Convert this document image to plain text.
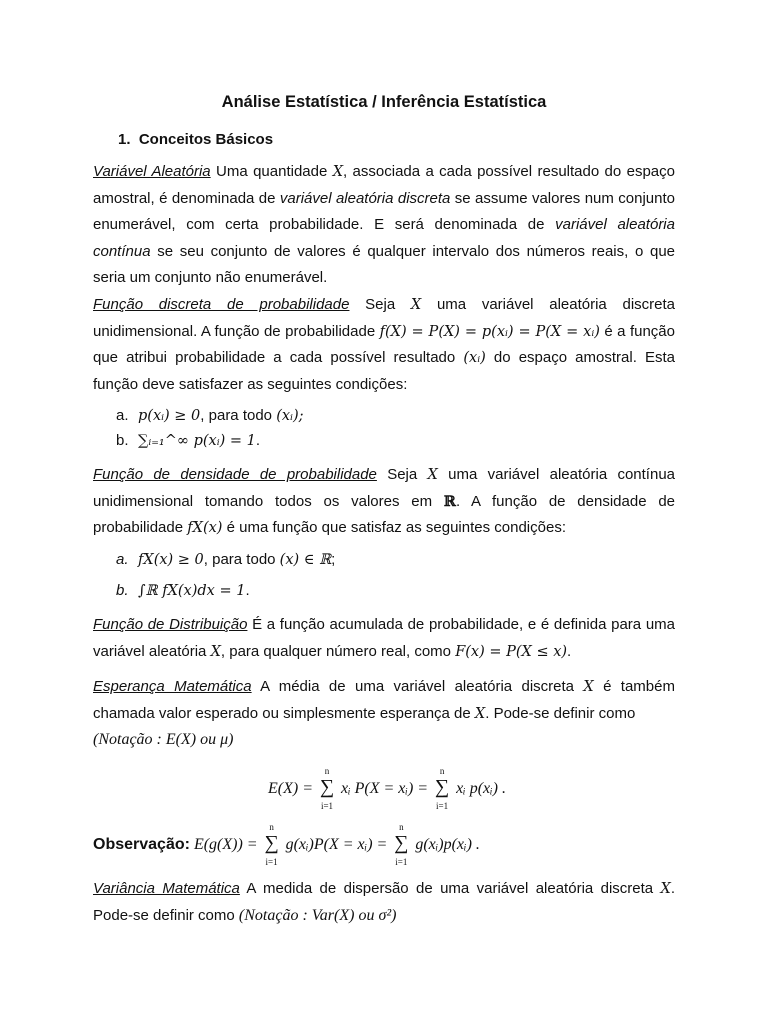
Análise Estatística / Inferência Estatística
1.  Conceitos Básicos
Variável Aleatória Uma quantidade X, associada a cada possível resultado do espaço amostral, é denominada de variável aleatória discreta se assume valores num conjunto enumerável, com certa probabilidade. E será denominada de variável aleatória contínua se seu conjunto de valores é qualquer intervalo dos números reais, o que seria um conjunto não enumerável.
Função discreta de probabilidade Seja X uma variável aleatória discreta unidimensional. A função de probabilidade f(X) = P(X) = p(xᵢ) = P(X = xᵢ) é a função que atribui probabilidade a cada possível resultado (xᵢ) do espaço amostral. Esta função deve satisfazer as seguintes condições:
a. p(xᵢ) ≥ 0, para todo (xᵢ);
b. ∑ᵢ₌₁^∞ p(xᵢ) = 1.
Função de densidade de probabilidade Seja X uma variável aleatória contínua unidimensional tomando todos os valores em ℝ. A função de densidade de probabilidade fX(x) é uma função que satisfaz as seguintes condições:
a. fX(x) ≥ 0, para todo (x) ∈ ℝ;
b. ∫ℝ fX(x)dx = 1.
Função de Distribuição É a função acumulada de probabilidade, e é definida para uma variável aleatória X, para qualquer número real, como F(x) = P(X ≤ x).
Esperança Matemática A média de uma variável aleatória discreta X é também chamada valor esperado ou simplesmente esperança de X. Pode-se definir como
(Notação : E(X) ou μ)
E(X) = ∑
n
i=1
xᵢ P(X = xᵢ) = ∑
n
i=1
xᵢ p(xᵢ) .
Observação: E(g(X)) = ∑
n
i=1
g(xᵢ)P(X = xᵢ) = ∑
n
i=1
g(xᵢ)p(xᵢ) .
Variância Matemática A medida de dispersão de uma variável aleatória discreta X. Pode-se definir como (Notação : Var(X) ou σ²)
